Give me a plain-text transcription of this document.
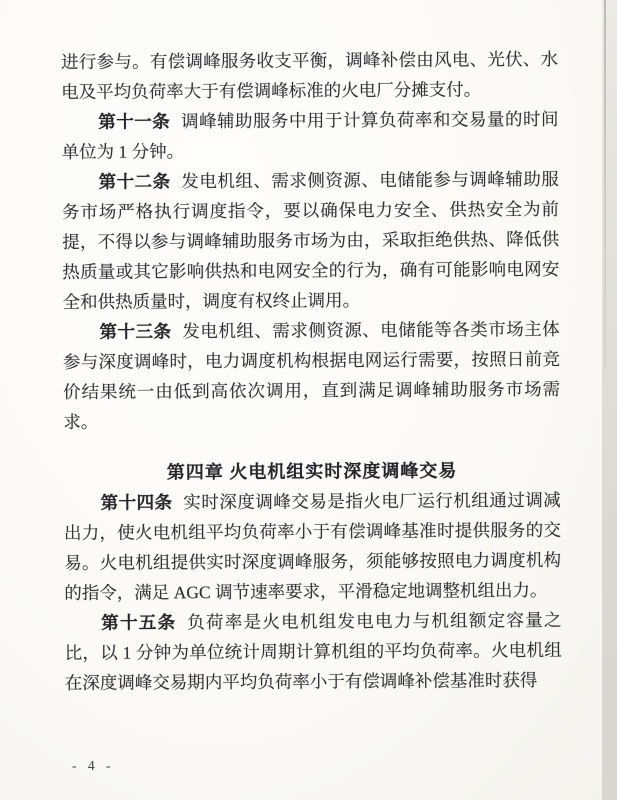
进行参与。有偿调峰服务收支平衡，调峰补偿由风电、光伏、水电及平均负荷率大于有偿调峰标准的火电厂分摊支付。

第十一条 调峰辅助服务中用于计算负荷率和交易量的时间单位为 1 分钟。

第十二条 发电机组、需求侧资源、电储能参与调峰辅助服务市场严格执行调度指令，要以确保电力安全、供热安全为前提，不得以参与调峰辅助服务市场为由，采取拒绝供热、降低供热质量或其它影响供热和电网安全的行为，确有可能影响电网安全和供热质量时，调度有权终止调用。

第十三条 发电机组、需求侧资源、电储能等各类市场主体参与深度调峰时，电力调度机构根据电网运行需要，按照日前竞价结果统一由低到高依次调用，直到满足调峰辅助服务市场需求。

第四章 火电机组实时深度调峰交易

第十四条 实时深度调峰交易是指火电厂运行机组通过调减出力，使火电机组平均负荷率小于有偿调峰基准时提供服务的交易。火电机组提供实时深度调峰服务，须能够按照电力调度机构的指令，满足 AGC 调节速率要求，平滑稳定地调整机组出力。

第十五条 负荷率是火电机组发电电力与机组额定容量之比，以 1 分钟为单位统计周期计算机组的平均负荷率。火电机组在深度调峰交易期内平均负荷率小于有偿调峰补偿基准时获得

- 4 -
